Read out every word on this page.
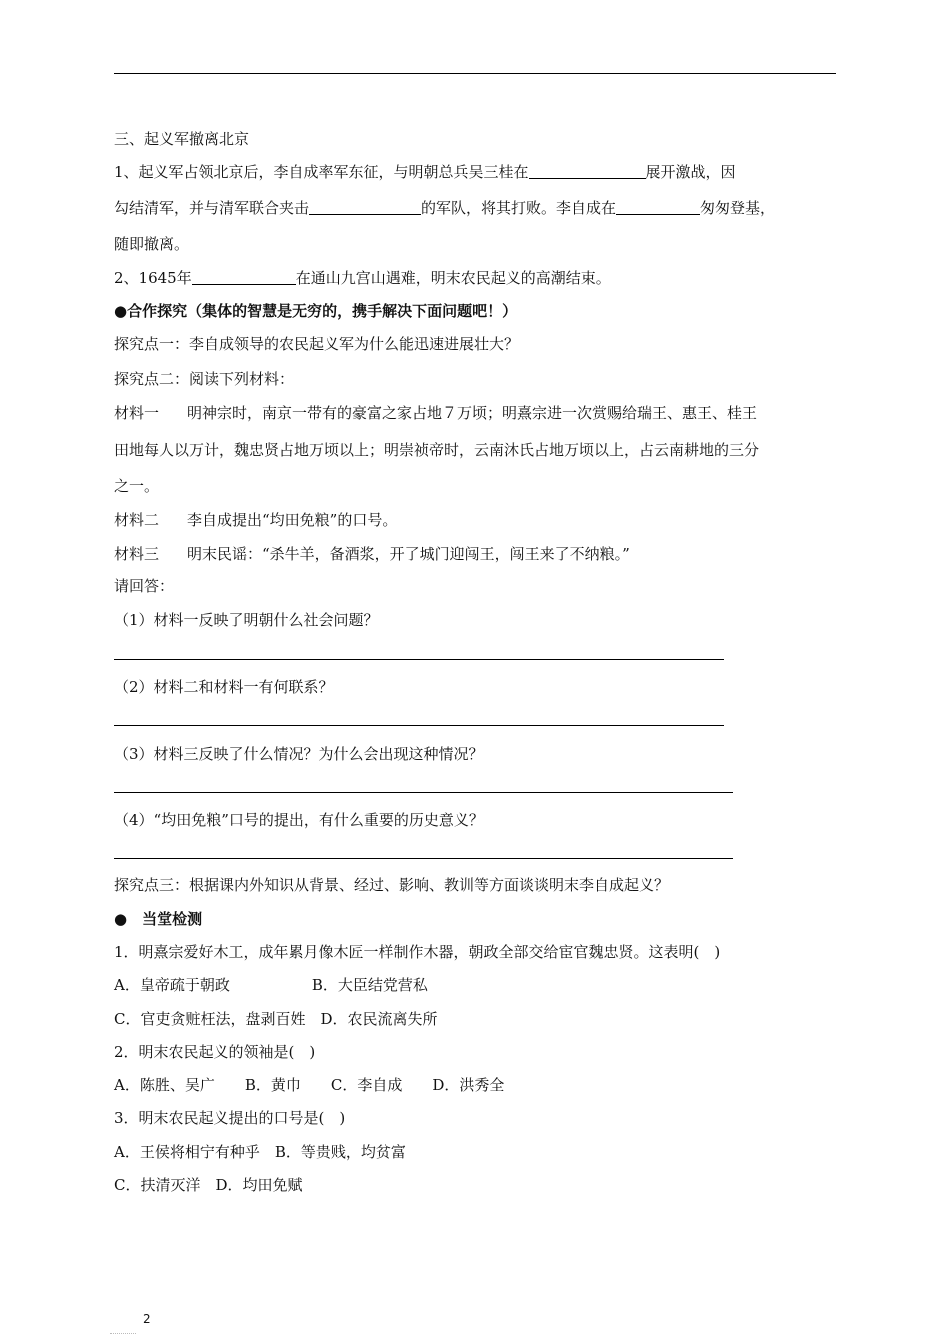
三、起义军撤离北京
1、起义军占领北京后，李自成率军东征，与明朝总兵吴三桂在	展开激战，因
勾结清军，并与清军联合夹击	的军队，将其打败。李自成在	匆匆登基，
随即撤离。
2、1645年	在通山九宫山遇难，明末农民起义的高潮结束。
●合作探究（集体的智慧是无穷的，携手解决下面问题吧！）
探究点一：李自成领导的农民起义军为什么能迅速进展壮大？
探究点二：阅读下列材料：
材料一 明神宗时，南京一带有的豪富之家占地７万顷；明熹宗进一次赏赐给瑞王、惠王、桂王
田地每人以万计，魏忠贤占地万顷以上；明崇祯帝时，云南沐氏占地万顷以上，占云南耕地的三分
之一。
材料二 李自成提出“均田免粮”的口号。
材料三 明末民谣：“杀牛羊，备酒浆，开了城门迎闯王，闯王来了不纳粮。”
请回答：
（1）材料一反映了明朝什么社会问题？
（2）材料二和材料一有何联系？
（3）材料三反映了什么情况？为什么会出现这种情况？
（4）“均田免粮”口号的提出，有什么重要的历史意义？
探究点三：根据课内外知识从背景、经过、影响、教训等方面谈谈明末李自成起义？
●　当堂检测
1．明熹宗爱好木工，成年累月像木匠一样制作木器，朝政全部交给宦官魏忠贤。这表明(　)
A．皇帝疏于朝政	B．大臣结党营私
C．官吏贪赃枉法，盘剥百姓　D．农民流离失所
2．明末农民起义的领袖是(　)
A．陈胜、吴广　　B．黄巾　　C．李自成　　D．洪秀全
3．明末农民起义提出的口号是(　)
A．王侯将相宁有种乎　B．等贵贱，均贫富
C．扶清灭洋　D．均田免赋
2
